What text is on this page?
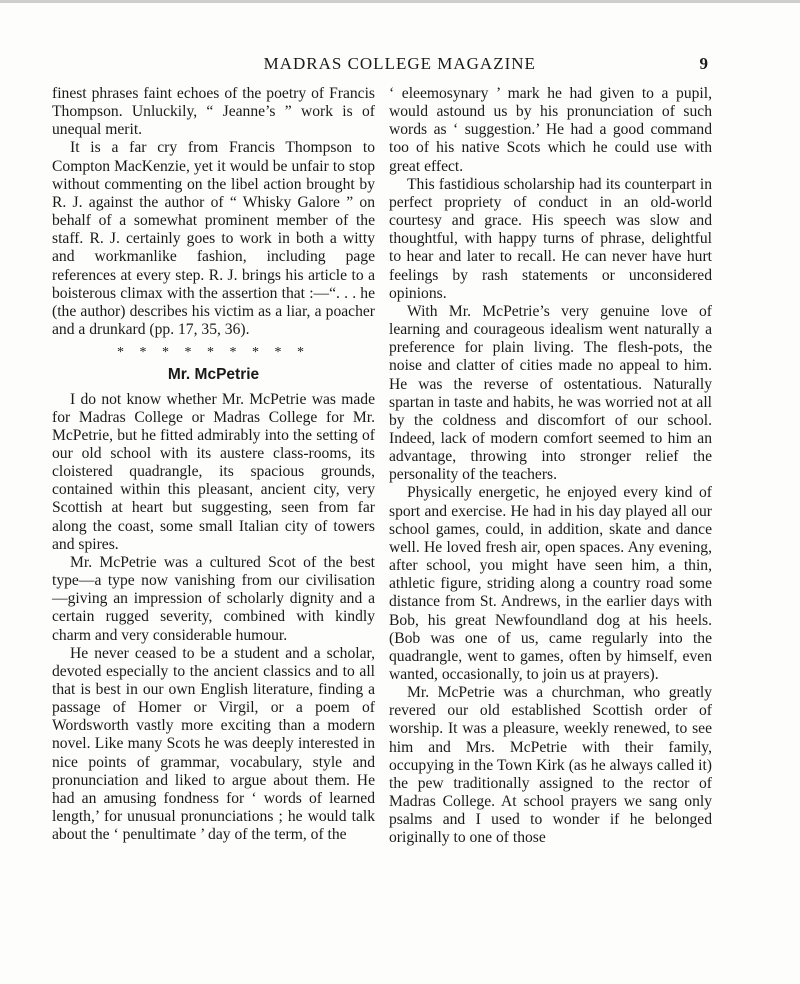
MADRAS COLLEGE MAGAZINE	9

finest phrases faint echoes of the poetry of Francis Thompson. Unluckily, “ Jeanne’s ” work is of unequal merit.

It is a far cry from Francis Thompson to Compton MacKenzie, yet it would be unfair to stop without commenting on the libel action brought by R. J. against the author of “ Whisky Galore ” on behalf of a somewhat prominent member of the staff. R. J. certainly goes to work in both a witty and workmanlike fashion, including page references at every step. R. J. brings his article to a boisterous climax with the assertion that :—“. . . he (the author) describes his victim as a liar, a poacher and a drunkard (pp. 17, 35, 36).

* * * * * * * * *
Mr. McPetrie

I do not know whether Mr. McPetrie was made for Madras College or Madras College for Mr. McPetrie, but he fitted admirably into the setting of our old school with its austere class-rooms, its cloistered quadrangle, its spacious grounds, contained within this pleasant, ancient city, very Scottish at heart but suggesting, seen from far along the coast, some small Italian city of towers and spires.

Mr. McPetrie was a cultured Scot of the best type—a type now vanishing from our civilisation—giving an impression of scholarly dignity and a certain rugged severity, combined with kindly charm and very considerable humour.

He never ceased to be a student and a scholar, devoted especially to the ancient classics and to all that is best in our own English literature, finding a passage of Homer or Virgil, or a poem of Wordsworth vastly more exciting than a modern novel. Like many Scots he was deeply interested in nice points of grammar, vocabulary, style and pronunciation and liked to argue about them. He had an amusing fondness for ‘ words of learned length,’ for unusual pronunciations ; he would talk about the ‘ penultimate ’ day of the term, of the

‘ eleemosynary ’ mark he had given to a pupil, would astound us by his pronunciation of such words as ‘ suggestion.’ He had a good command too of his native Scots which he could use with great effect.

This fastidious scholarship had its counterpart in perfect propriety of conduct in an old-world courtesy and grace. His speech was slow and thoughtful, with happy turns of phrase, delightful to hear and later to recall. He can never have hurt feelings by rash statements or unconsidered opinions.

With Mr. McPetrie’s very genuine love of learning and courageous idealism went naturally a preference for plain living. The flesh-pots, the noise and clatter of cities made no appeal to him. He was the reverse of ostentatious. Naturally spartan in taste and habits, he was worried not at all by the coldness and discomfort of our school. Indeed, lack of modern comfort seemed to him an advantage, throwing into stronger relief the personality of the teachers.

Physically energetic, he enjoyed every kind of sport and exercise. He had in his day played all our school games, could, in addition, skate and dance well. He loved fresh air, open spaces. Any evening, after school, you might have seen him, a thin, athletic figure, striding along a country road some distance from St. Andrews, in the earlier days with Bob, his great Newfoundland dog at his heels. (Bob was one of us, came regularly into the quadrangle, went to games, often by himself, even wanted, occasionally, to join us at prayers).

Mr. McPetrie was a churchman, who greatly revered our old established Scottish order of worship. It was a pleasure, weekly renewed, to see him and Mrs. McPetrie with their family, occupying in the Town Kirk (as he always called it) the pew traditionally assigned to the rector of Madras College. At school prayers we sang only psalms and I used to wonder if he belonged originally to one of those
